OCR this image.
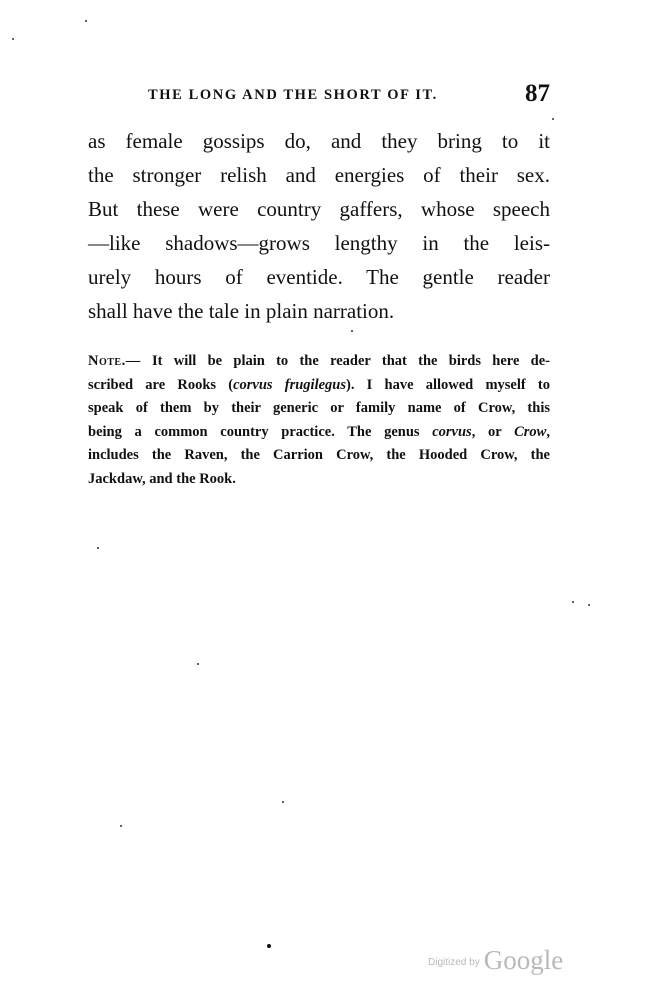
THE LONG AND THE SHORT OF IT.	87
as female gossips do, and they bring to it
the stronger relish and energies of their sex.
But these were country gaffers, whose speech
—like shadows—grows lengthy in the leis-
urely hours of eventide. The gentle reader
shall have the tale in plain narration.
Note.— It will be plain to the reader that the birds here de-
scribed are Rooks (corvus frugilegus). I have allowed myself to
speak of them by their generic or family name of Crow, this
being a common country practice. The genus corvus, or Crow,
includes the Raven, the Carrion Crow, the Hooded Crow, the
Jackdaw, and the Rook.
$^{Digitized by}$ Google
